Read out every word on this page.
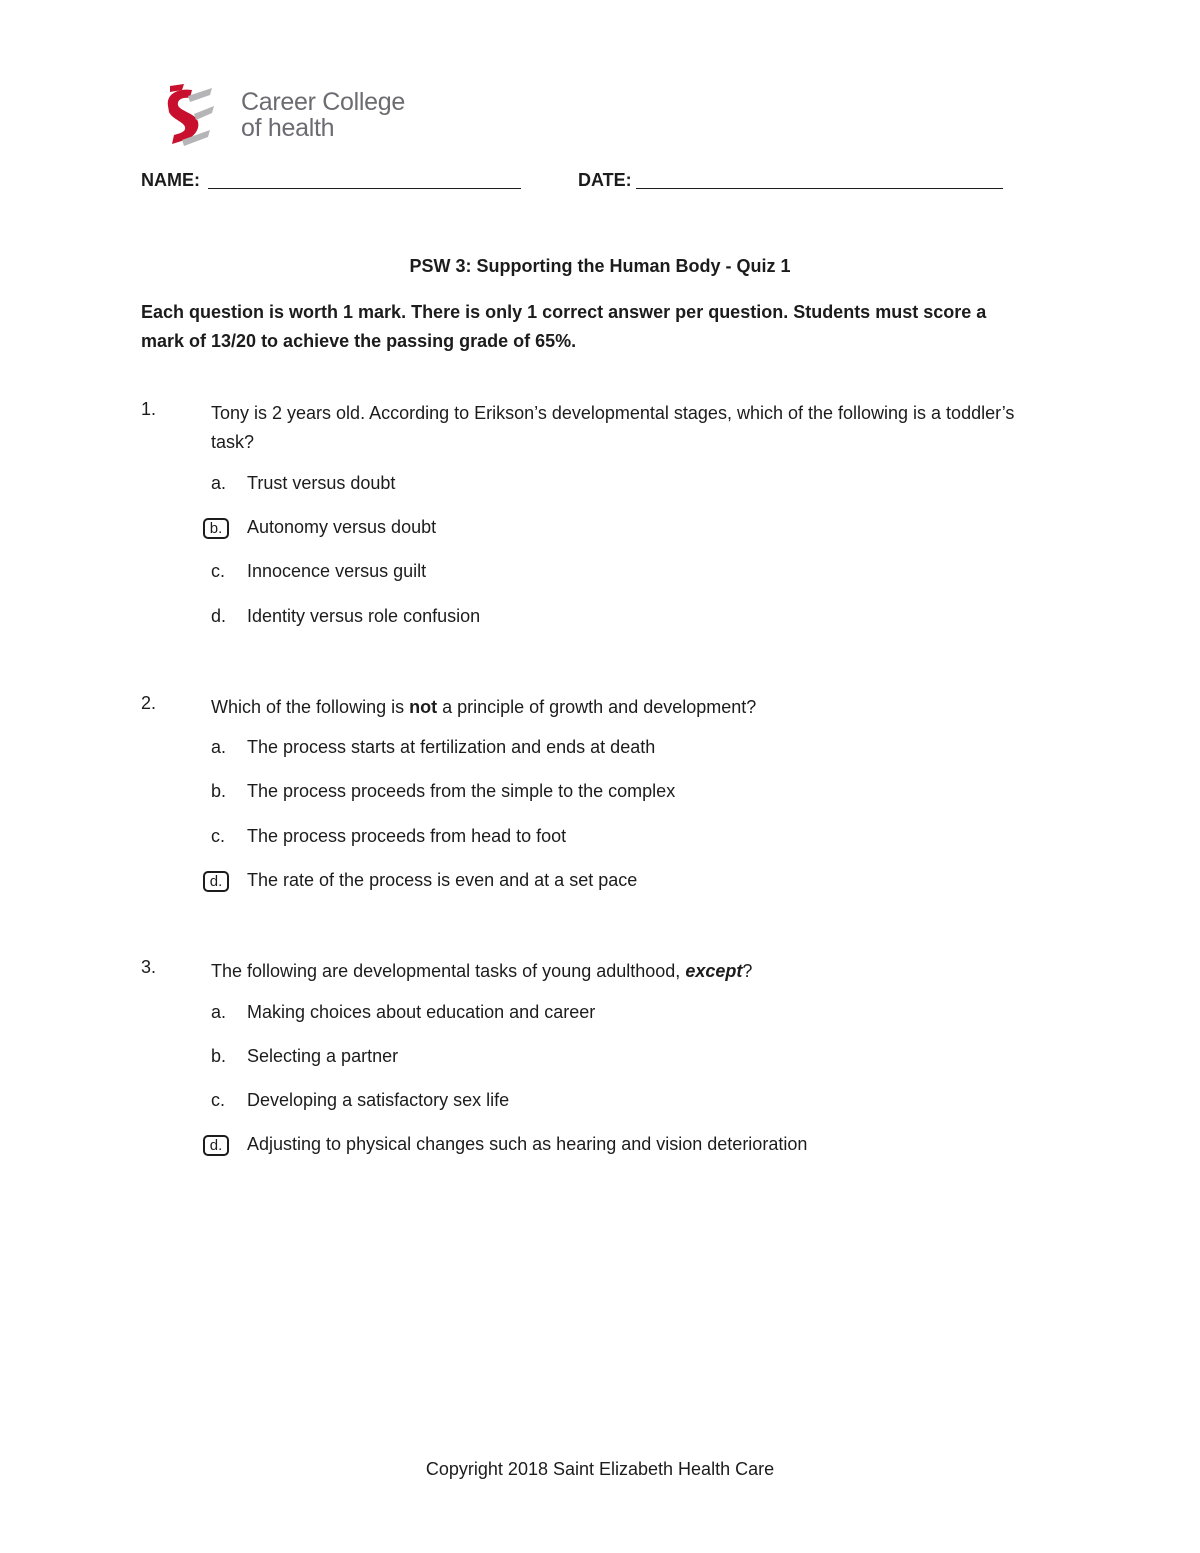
Career College
of health
NAME:	DATE:
PSW 3: Supporting the Human Body - Quiz 1
Each question is worth 1 mark. There is only 1 correct answer per question. Students must score a mark of 13/20 to achieve the passing grade of 65%.
1.	Tony is 2 years old. According to Erikson’s developmental stages, which of the following is a toddler’s task?
a.	Trust versus doubt
b.	Autonomy versus doubt
c.	Innocence versus guilt
d.	Identity versus role confusion
2.	Which of the following is not a principle of growth and development?
a.	The process starts at fertilization and ends at death
b.	The process proceeds from the simple to the complex
c.	The process proceeds from head to foot
d.	The rate of the process is even and at a set pace
3.	The following are developmental tasks of young adulthood, except?
a.	Making choices about education and career
b.	Selecting a partner
c.	Developing a satisfactory sex life
d.	Adjusting to physical changes such as hearing and vision deterioration
Copyright 2018 Saint Elizabeth Health Care
